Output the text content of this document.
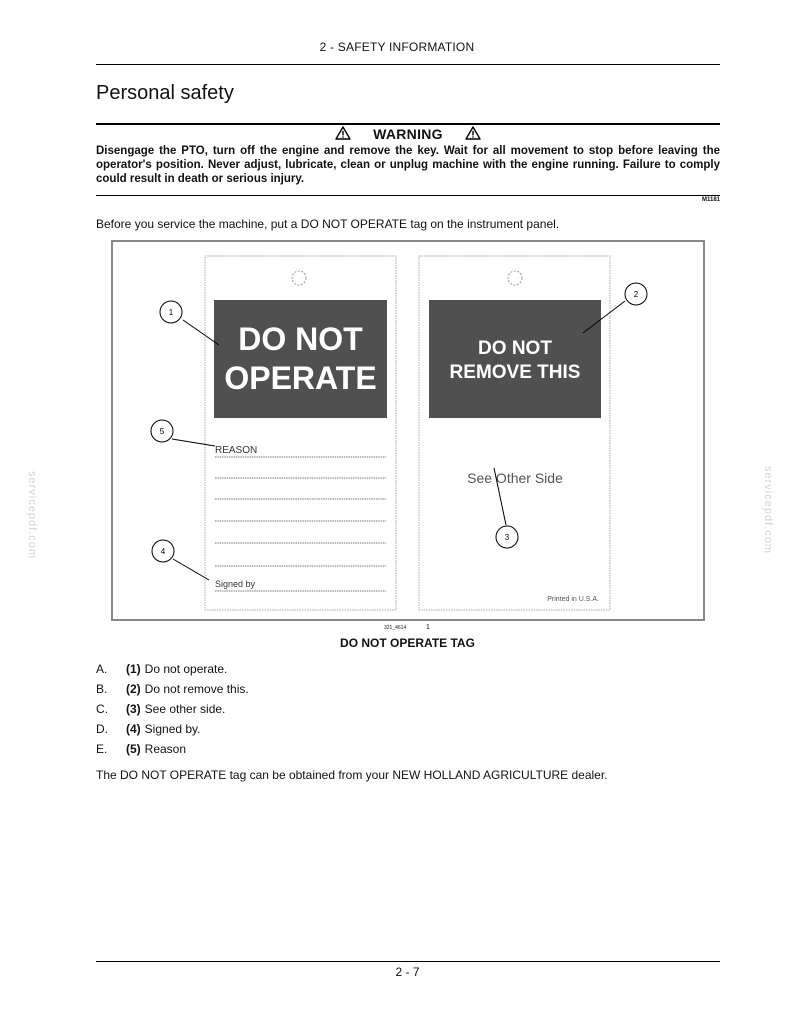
2 - SAFETY INFORMATION
Personal safety
WARNING
Disengage the PTO, turn off the engine and remove the key. Wait for all movement to stop before leaving the operator's position. Never adjust, lubricate, clean or unplug machine with the engine running. Failure to comply could result in death or serious injury.
M1181
Before you service the machine, put a DO NOT OPERATE tag on the instrument panel.
DO NOT
OPERATE
REASON
Signed by
DO NOT
REMOVE THIS
See Other Side
Printed in U.S.A.
1
2
3
4
5
321_4614	1
DO NOT OPERATE TAG
A.	(1) Do not operate.
B.	(2) Do not remove this.
C.	(3) See other side.
D.	(4) Signed by.
E.	(5) Reason
The DO NOT OPERATE tag can be obtained from your NEW HOLLAND AGRICULTURE dealer.
servicepdf.com	servicepdf.com
2 - 7
